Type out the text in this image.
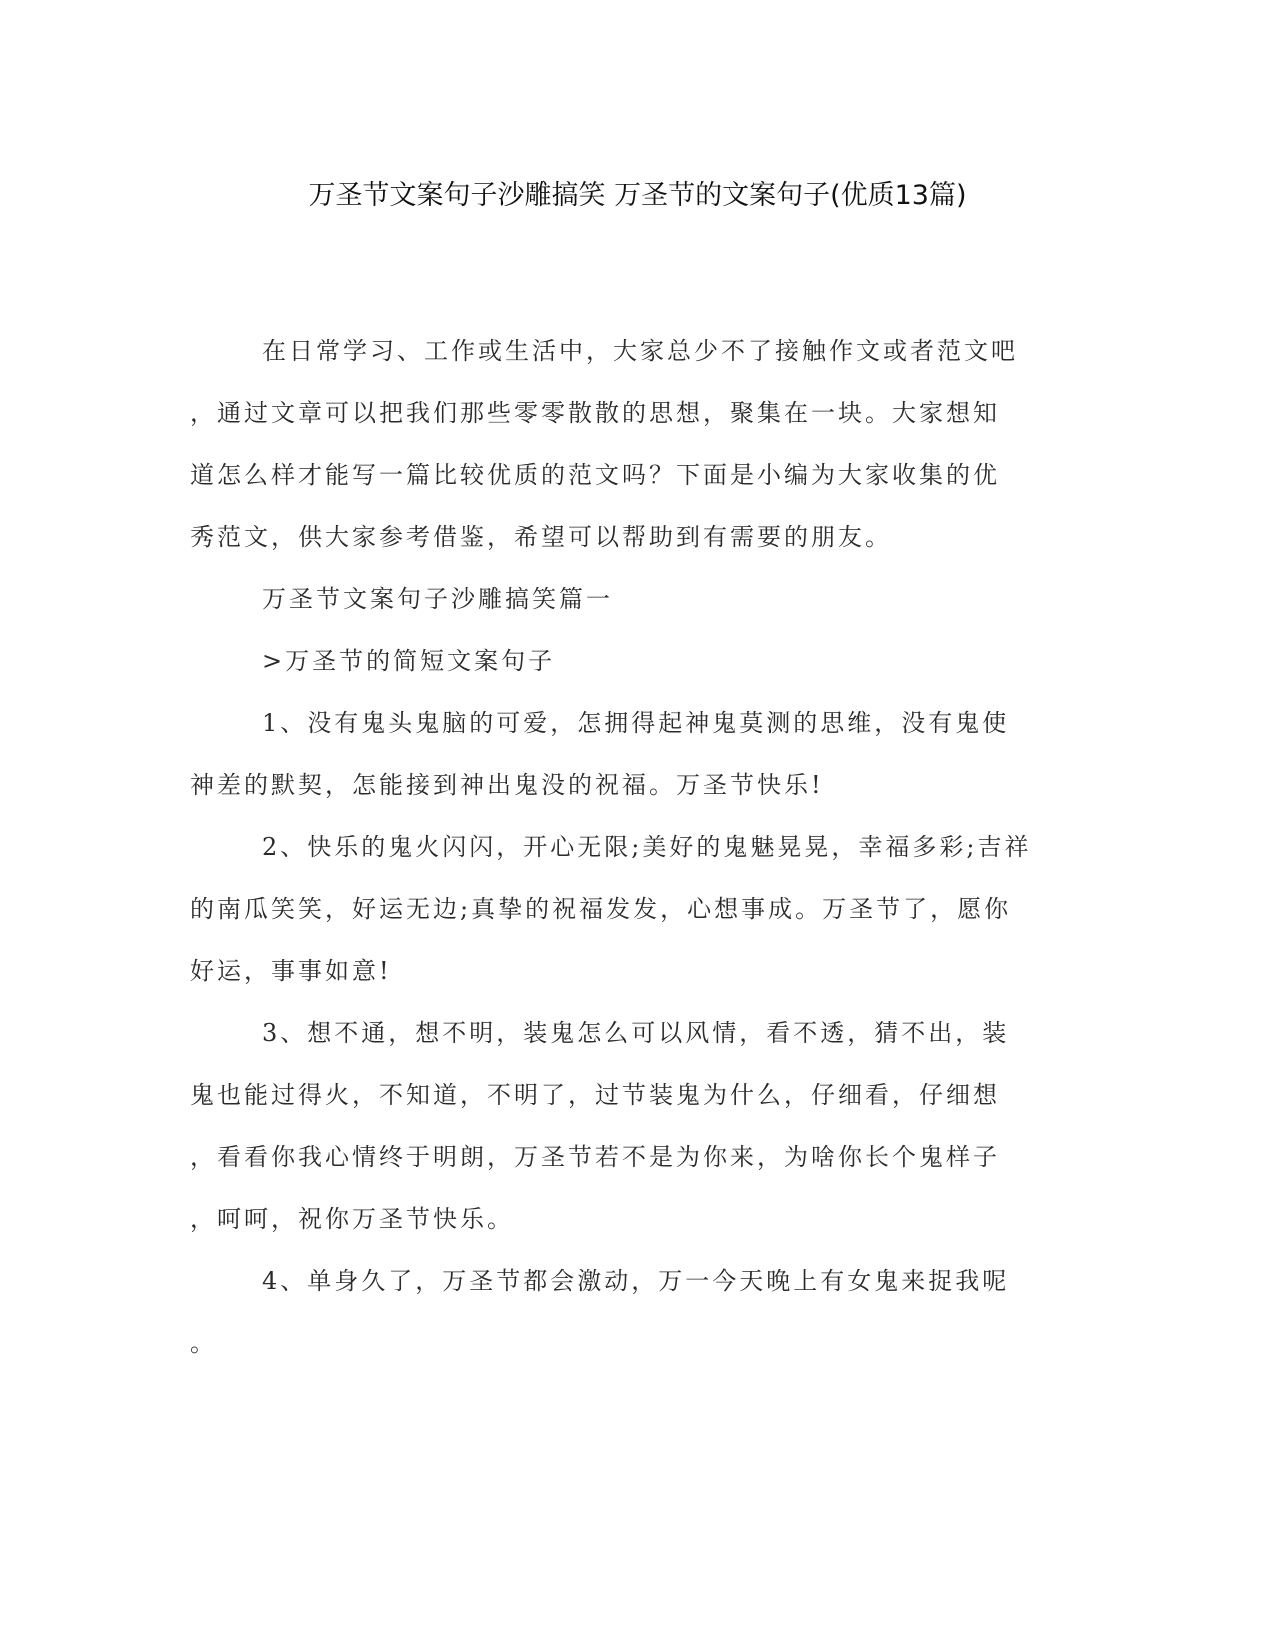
万圣节文案句子沙雕搞笑 万圣节的文案句子(优质13篇)
在日常学习、工作或生活中，大家总少不了接触作文或者范文吧
，通过文章可以把我们那些零零散散的思想，聚集在一块。大家想知
道怎么样才能写一篇比较优质的范文吗？下面是小编为大家收集的优
秀范文，供大家参考借鉴，希望可以帮助到有需要的朋友。
万圣节文案句子沙雕搞笑篇一
>万圣节的简短文案句子
1、没有鬼头鬼脑的可爱，怎拥得起神鬼莫测的思维，没有鬼使
神差的默契，怎能接到神出鬼没的祝福。万圣节快乐!
2、快乐的鬼火闪闪，开心无限;美好的鬼魅晃晃，幸福多彩;吉祥
的南瓜笑笑，好运无边;真挚的祝福发发，心想事成。万圣节了，愿你
好运，事事如意!
3、想不通，想不明，装鬼怎么可以风情，看不透，猜不出，装
鬼也能过得火，不知道，不明了，过节装鬼为什么，仔细看，仔细想
，看看你我心情终于明朗，万圣节若不是为你来，为啥你长个鬼样子
，呵呵，祝你万圣节快乐。
4、单身久了，万圣节都会激动，万一今天晚上有女鬼来捉我呢
。
